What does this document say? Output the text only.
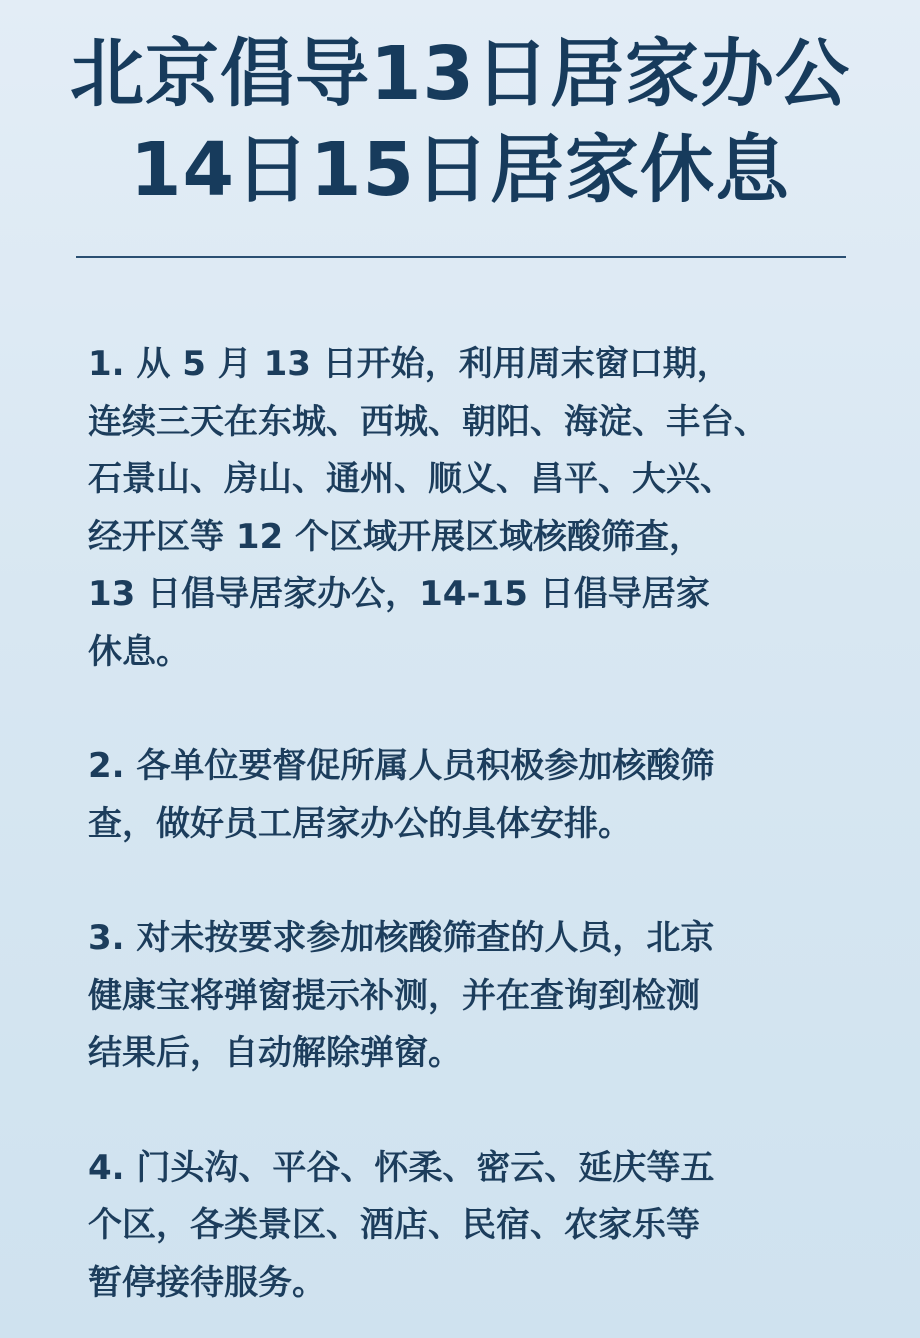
北京倡导13日居家办公
14日15日居家休息
1. 从 5 月 13 日开始，利用周末窗口期，
连续三天在东城、西城、朝阳、海淀、丰台、
石景山、房山、通州、顺义、昌平、大兴、
经开区等 12 个区域开展区域核酸筛查，
13 日倡导居家办公，14-15 日倡导居家
休息。
2. 各单位要督促所属人员积极参加核酸筛
查，做好员工居家办公的具体安排。
3. 对未按要求参加核酸筛查的人员，北京
健康宝将弹窗提示补测，并在查询到检测
结果后，自动解除弹窗。
4. 门头沟、平谷、怀柔、密云、延庆等五
个区，各类景区、酒店、民宿、农家乐等
暂停接待服务。
